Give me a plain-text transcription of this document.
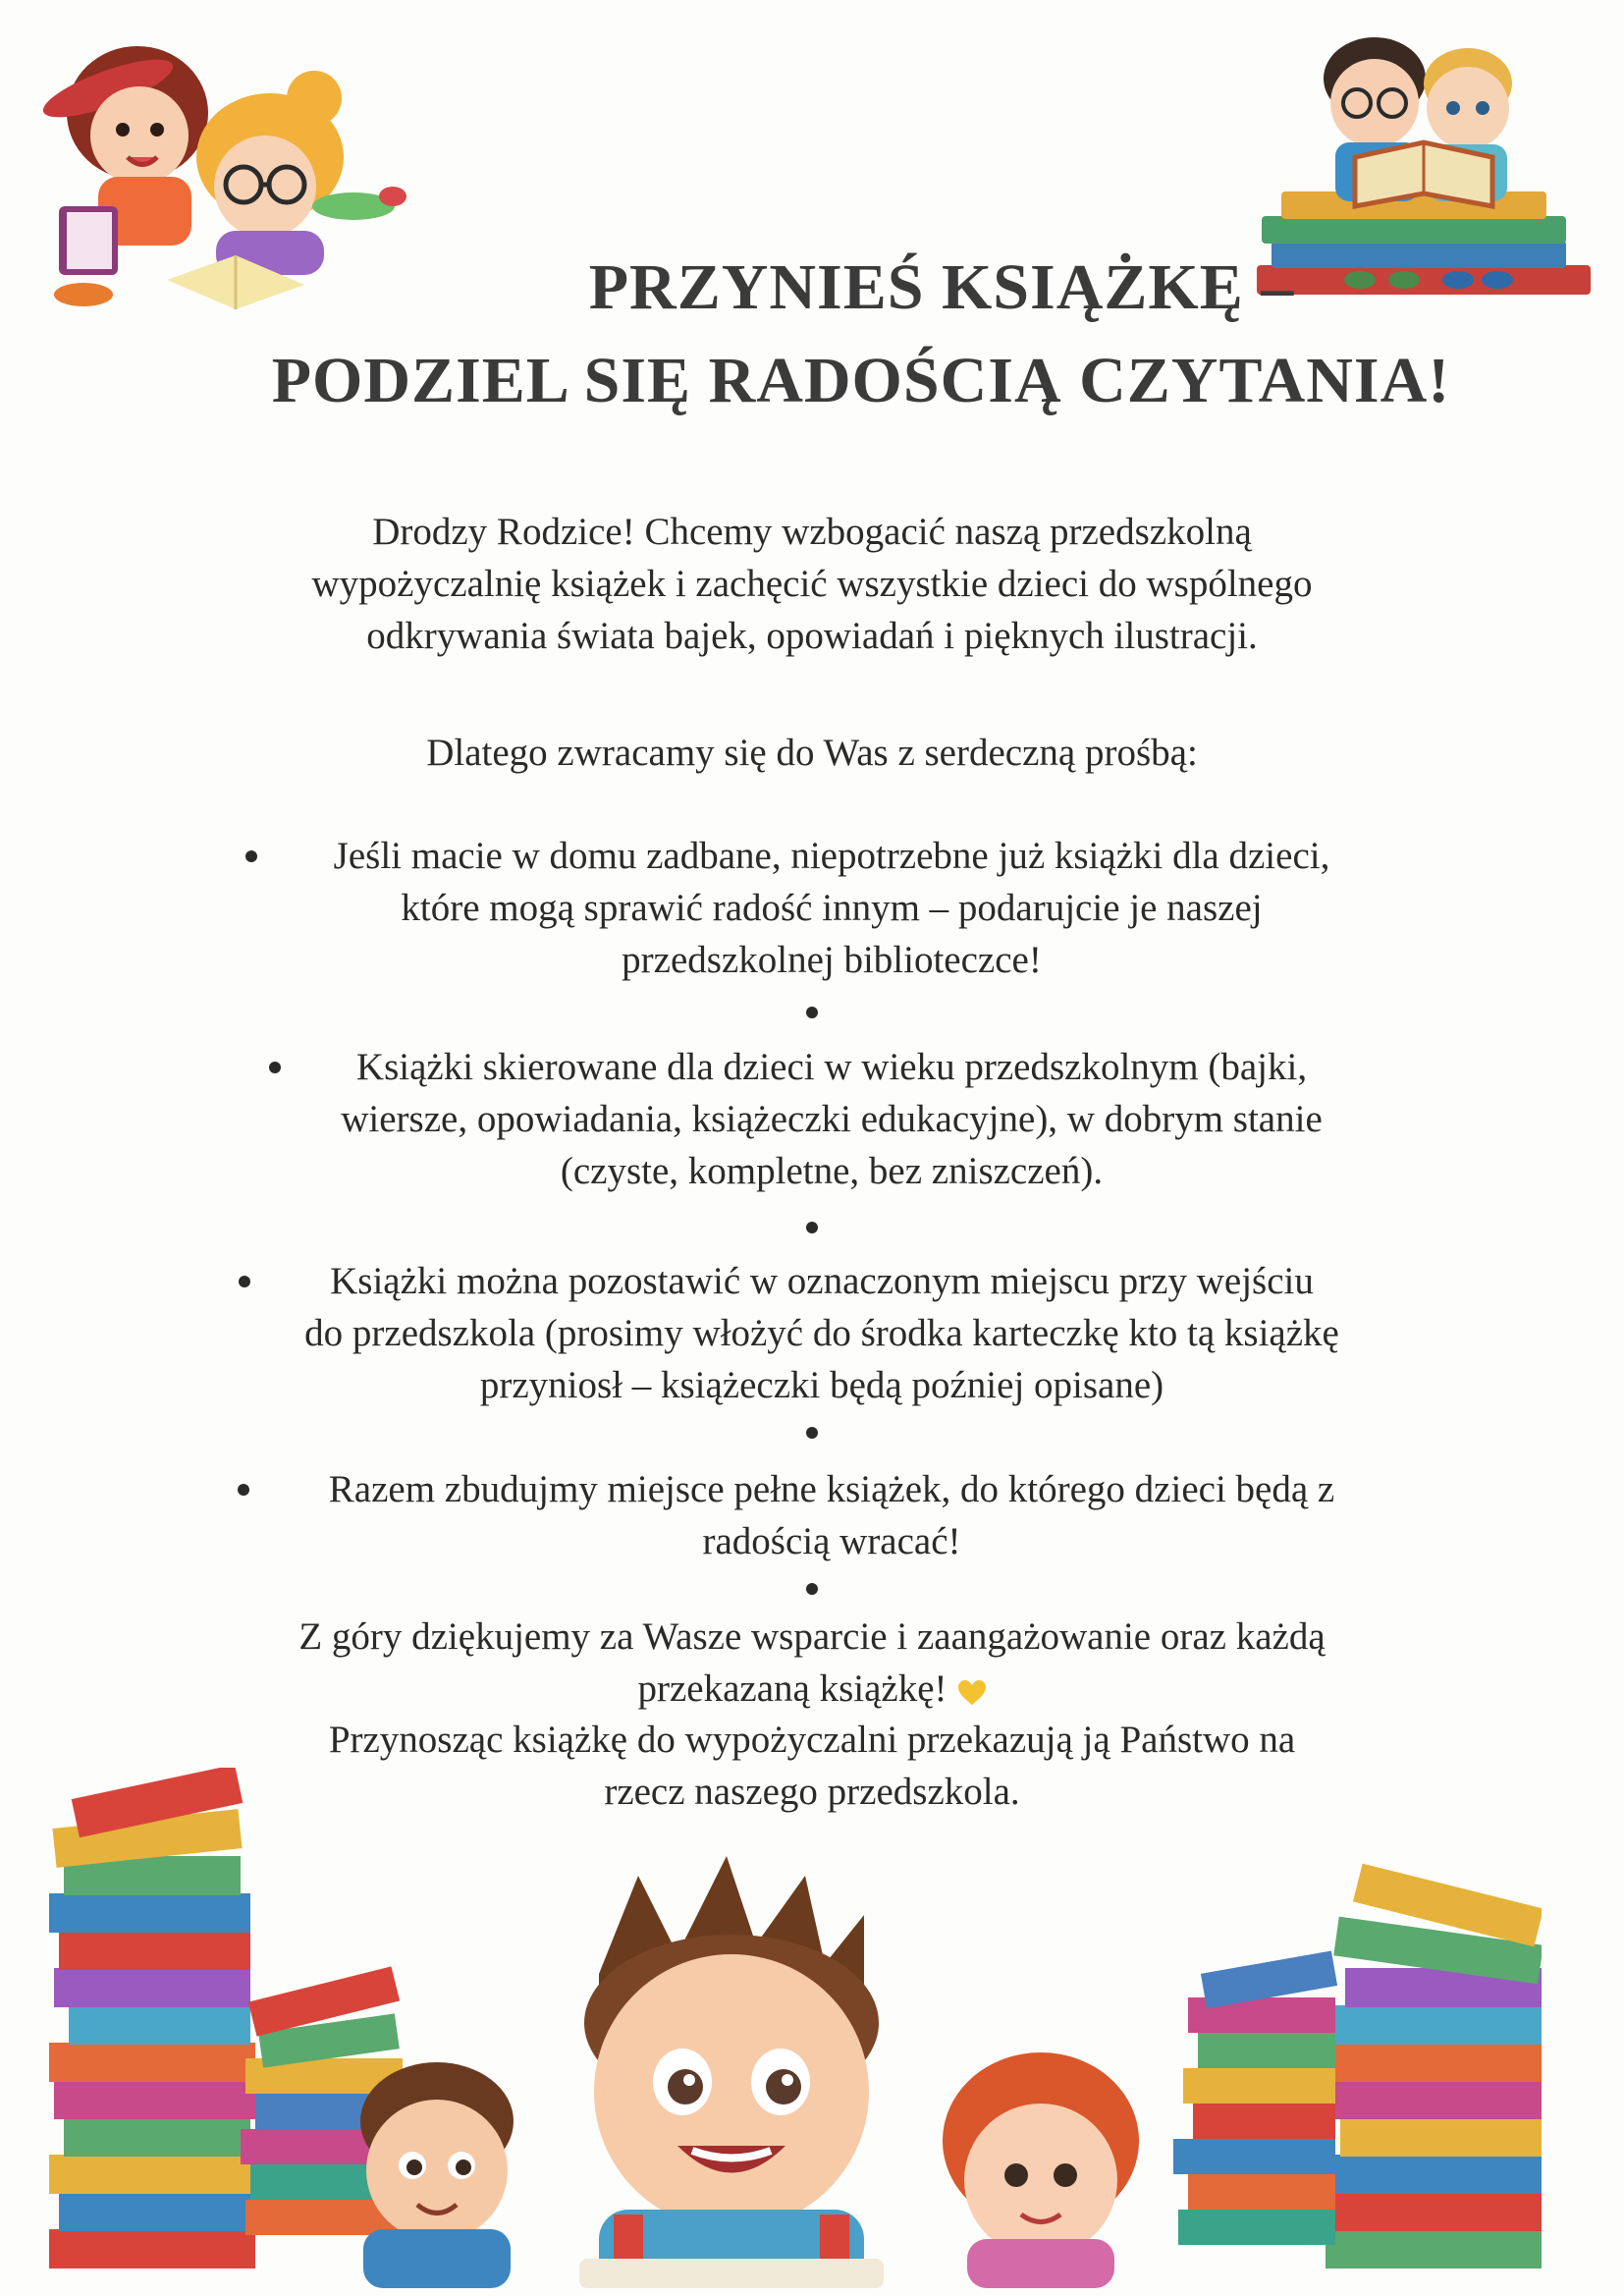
PRZYNIEŚ KSIĄŻKĘ –
PODZIEL SIĘ RADOŚCIĄ CZYTANIA!
Drodzy Rodzice! Chcemy wzbogacić naszą przedszkolną
wypożyczalnię książek i zachęcić wszystkie dzieci do wspólnego
odkrywania świata bajek, opowiadań i pięknych ilustracji.

Dlatego zwracamy się do Was z serdeczną prośbą:

Jeśli macie w domu zadbane, niepotrzebne już książki dla dzieci,
które mogą sprawić radość innym – podarujcie je naszej
przedszkolnej biblioteczce!
Książki skierowane dla dzieci w wieku przedszkolnym (bajki,
wiersze, opowiadania, książeczki edukacyjne), w dobrym stanie
(czyste, kompletne, bez zniszczeń).
Książki można pozostawić w oznaczonym miejscu przy wejściu
do przedszkola (prosimy włożyć do środka karteczkę kto tą książkę
przyniosł – książeczki będą poźniej opisane)
Razem zbudujmy miejsce pełne książek, do którego dzieci będą z
radością wracać!
Z góry dziękujemy za Wasze wsparcie i zaangażowanie oraz każdą
przekazaną książkę!
Przynosząc książkę do wypożyczalni przekazują ją Państwo na
rzecz naszego przedszkola.
